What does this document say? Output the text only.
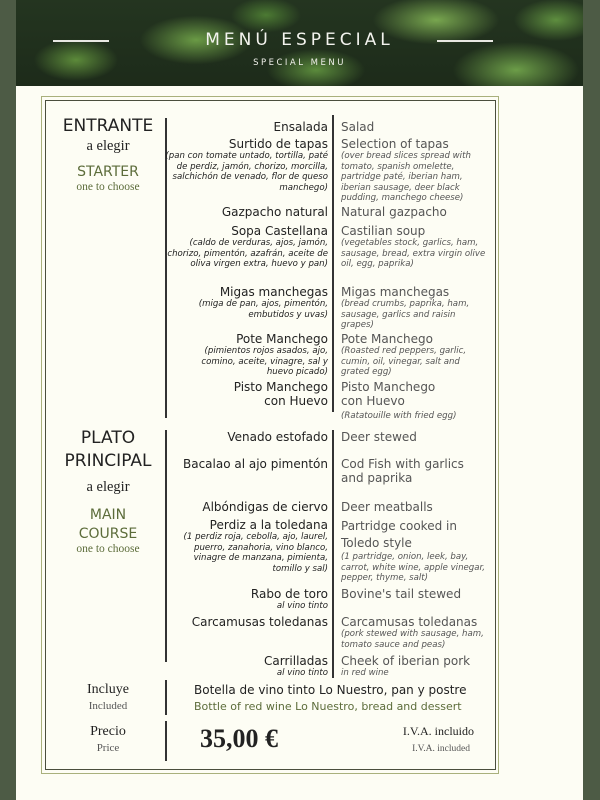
MENÚ ESPECIAL
SPECIAL MENU
ENTRANTE
a elegir
STARTER
one to choose
Ensalada
Surtido de tapas
(pan con tomate untado, tortilla, paté de perdiz, jamón, chorizo, morcilla, salchichón de venado, flor de queso manchego)
Gazpacho natural
Sopa Castellana
(caldo de verduras, ajos, jamón, chorizo, pimentón, azafrán, aceite de oliva virgen extra, huevo y pan)
Migas manchegas
(miga de pan, ajos, pimentón, embutidos y uvas)
Pote Manchego
(pimientos rojos asados, ajo, comino, aceite, vinagre, sal y huevo picado)
Pisto Manchego con Huevo
Salad
Selection of tapas
(over bread slices spread with tomato, spanish omelette, partridge paté, iberian ham, iberian sausage, deer black pudding, manchego cheese)
Natural gazpacho
Castilian soup
(vegetables stock, garlics, ham, sausage, bread, extra virgin olive oil, egg, paprika)
Migas manchegas
(bread crumbs, paprika, ham, sausage, garlics and raisin grapes)
Pote Manchego
(Roasted red peppers, garlic, cumin, oil, vinegar, salt and grated egg)
Pisto Manchego con Huevo
(Ratatouille with fried egg)
PLATO
PRINCIPAL
a elegir
MAIN
COURSE
one to choose
Venado estofado
Bacalao al ajo pimentón
Albóndigas de ciervo
Perdiz a la toledana
(1 perdiz roja, cebolla, ajo, laurel, puerro, zanahoria, vino blanco, vinagre de manzana, pimienta, tomillo y sal)
Rabo de toro
al vino tinto
Carcamusas toledanas
Carrilladas
al vino tinto
Deer stewed
Cod Fish with garlics and paprika
Deer meatballs
Partridge cooked in Toledo style
(1 partridge, onion, leek, bay, carrot, white wine, apple vinegar, pepper, thyme, salt)
Bovine's tail stewed
Carcamusas toledanas
(pork stewed with sausage, ham, tomato sauce and peas)
Cheek of iberian pork
in red wine
Incluye
Included
Botella de vino tinto Lo Nuestro, pan y postre
Bottle of red wine Lo Nuestro, bread and dessert
Precio
Price	35,00 €	I.V.A. incluido
I.V.A. included
